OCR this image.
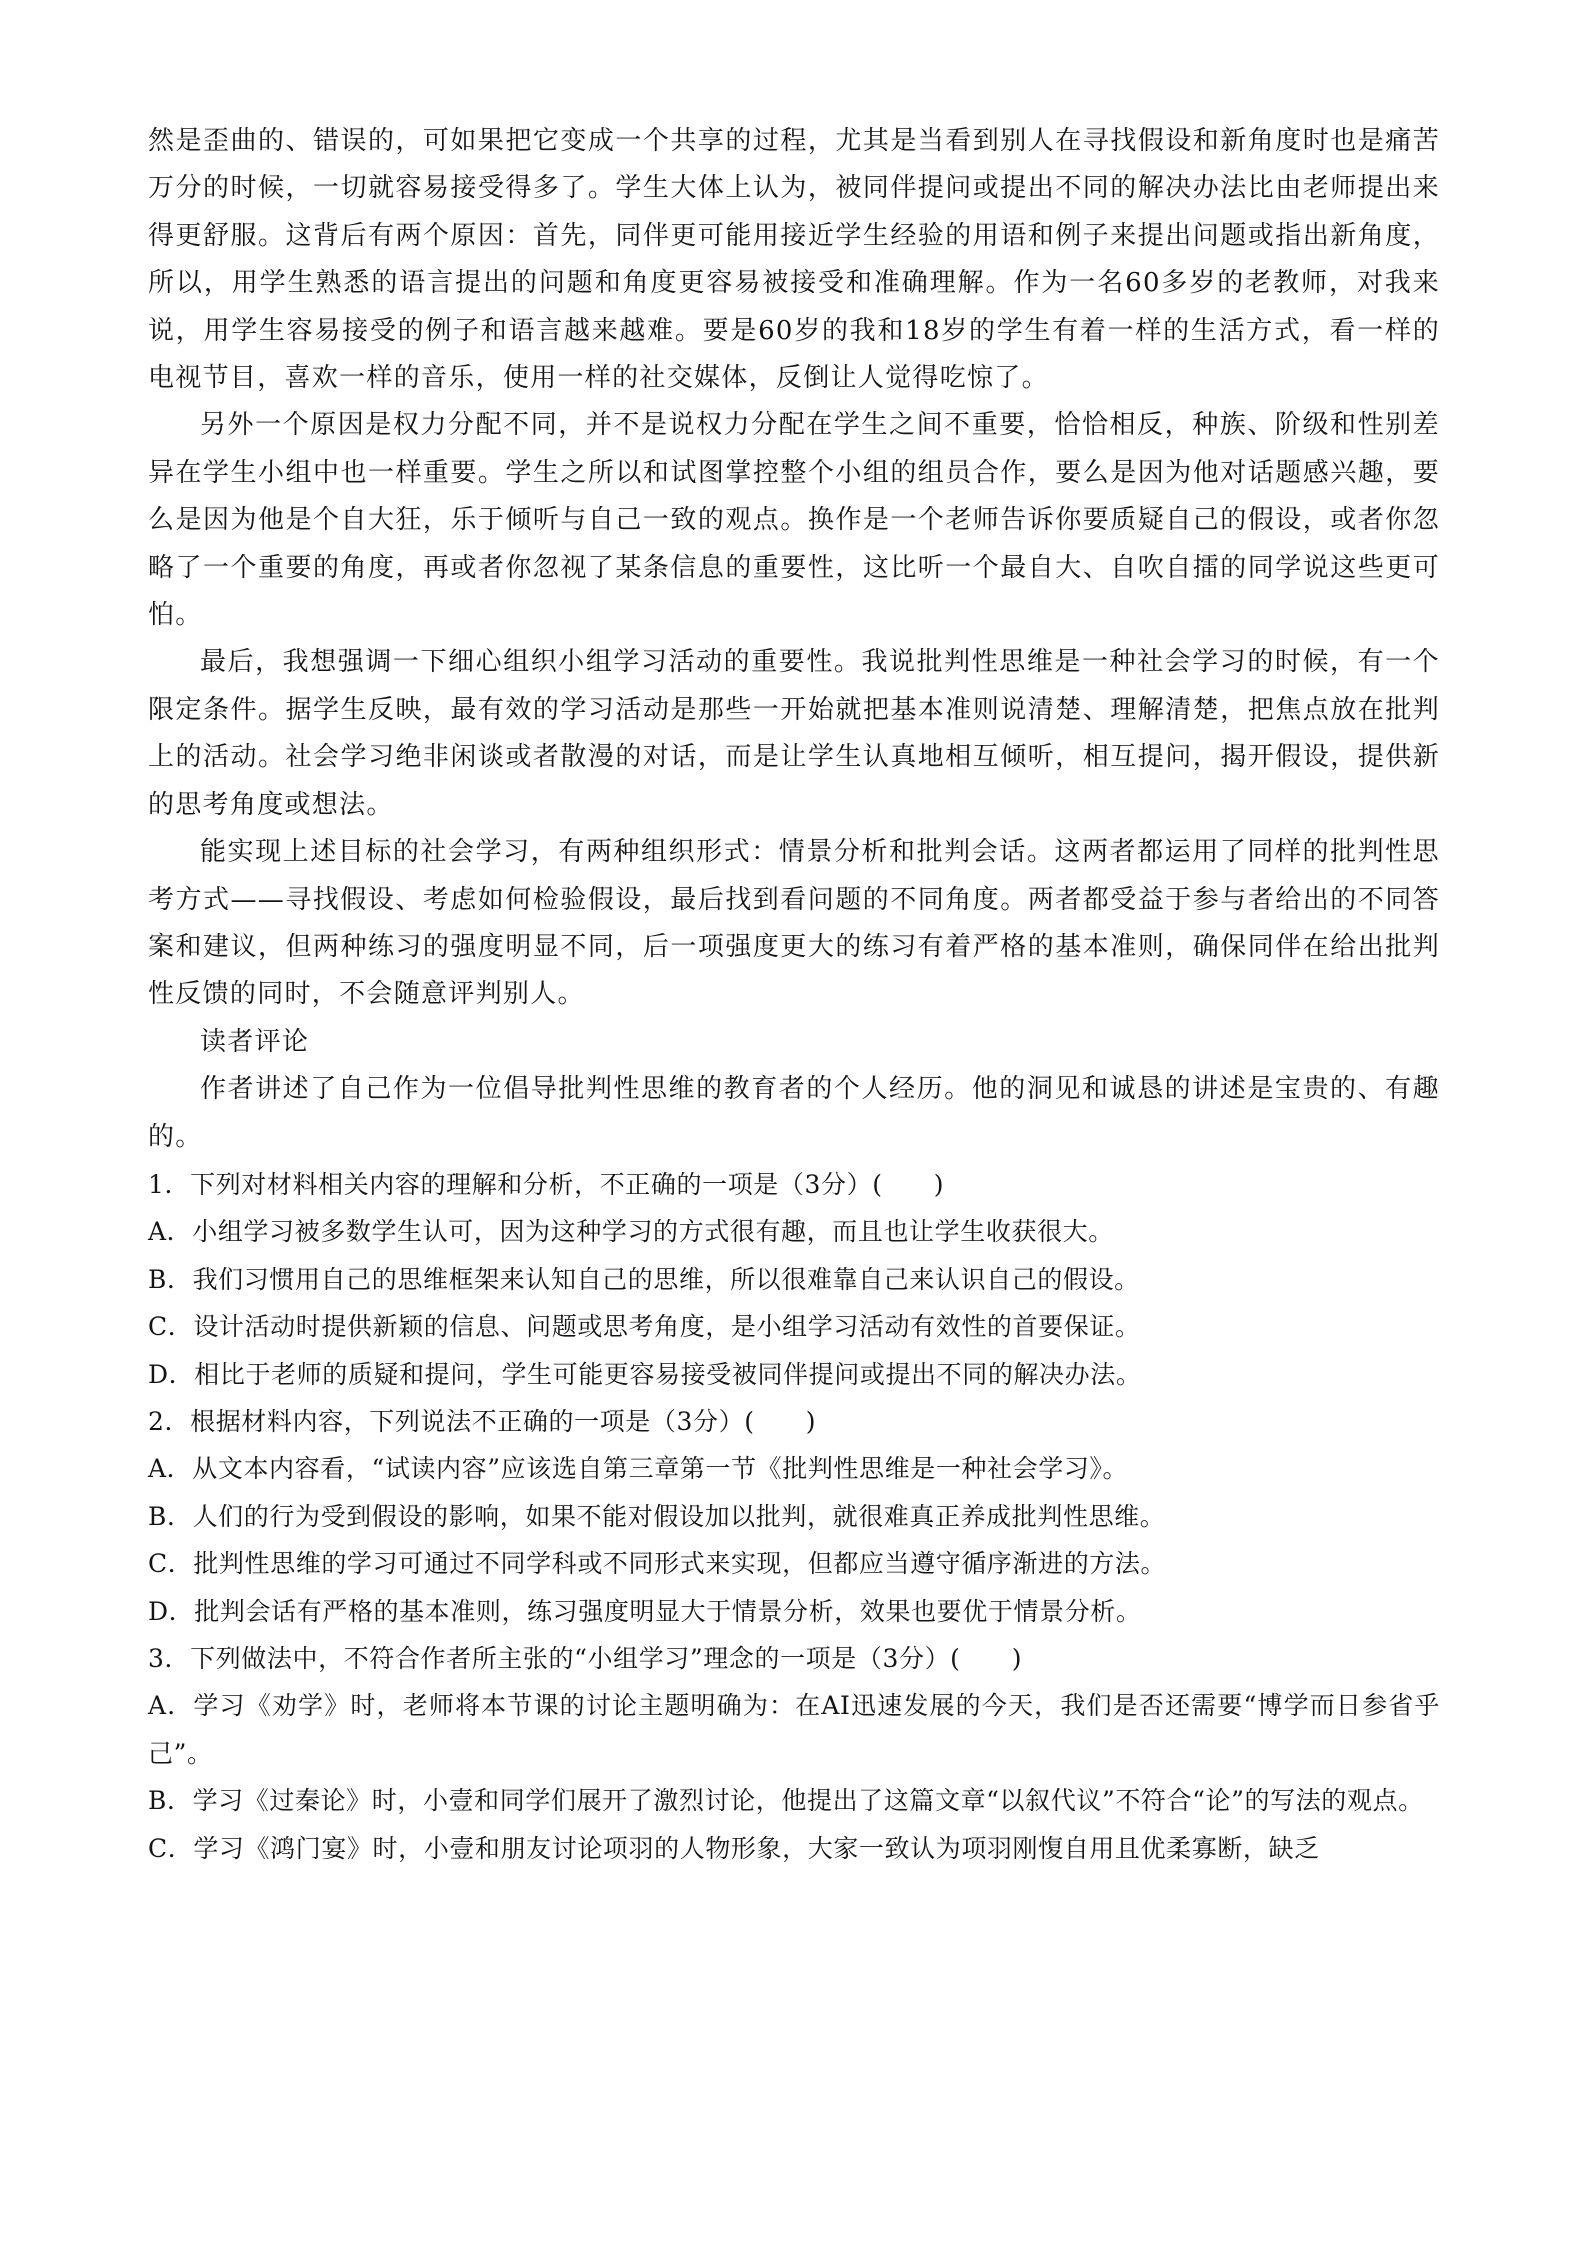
然是歪曲的、错误的，可如果把它变成一个共享的过程，尤其是当看到别人在寻找假设和新角度时也是痛苦万分的时候，一切就容易接受得多了。学生大体上认为，被同伴提问或提出不同的解决办法比由老师提出来得更舒服。这背后有两个原因：首先，同伴更可能用接近学生经验的用语和例子来提出问题或指出新角度，所以，用学生熟悉的语言提出的问题和角度更容易被接受和准确理解。作为一名60多岁的老教师，对我来说，用学生容易接受的例子和语言越来越难。要是60岁的我和18岁的学生有着一样的生活方式，看一样的电视节目，喜欢一样的音乐，使用一样的社交媒体，反倒让人觉得吃惊了。

另外一个原因是权力分配不同，并不是说权力分配在学生之间不重要，恰恰相反，种族、阶级和性别差异在学生小组中也一样重要。学生之所以和试图掌控整个小组的组员合作，要么是因为他对话题感兴趣，要么是因为他是个自大狂，乐于倾听与自己一致的观点。换作是一个老师告诉你要质疑自己的假设，或者你忽略了一个重要的角度，再或者你忽视了某条信息的重要性，这比听一个最自大、自吹自擂的同学说这些更可怕。

最后，我想强调一下细心组织小组学习活动的重要性。我说批判性思维是一种社会学习的时候，有一个限定条件。据学生反映，最有效的学习活动是那些一开始就把基本准则说清楚、理解清楚，把焦点放在批判上的活动。社会学习绝非闲谈或者散漫的对话，而是让学生认真地相互倾听，相互提问，揭开假设，提供新的思考角度或想法。

能实现上述目标的社会学习，有两种组织形式：情景分析和批判会话。这两者都运用了同样的批判性思考方式——寻找假设、考虑如何检验假设，最后找到看问题的不同角度。两者都受益于参与者给出的不同答案和建议，但两种练习的强度明显不同，后一项强度更大的练习有着严格的基本准则，确保同伴在给出批判性反馈的同时，不会随意评判别人。

读者评论

作者讲述了自己作为一位倡导批判性思维的教育者的个人经历。他的洞见和诚恳的讲述是宝贵的、有趣的。

1．下列对材料相关内容的理解和分析，不正确的一项是（3分）(　　)

A．小组学习被多数学生认可，因为这种学习的方式很有趣，而且也让学生收获很大。

B．我们习惯用自己的思维框架来认知自己的思维，所以很难靠自己来认识自己的假设。

C．设计活动时提供新颖的信息、问题或思考角度，是小组学习活动有效性的首要保证。

D．相比于老师的质疑和提问，学生可能更容易接受被同伴提问或提出不同的解决办法。

2．根据材料内容，下列说法不正确的一项是（3分）(　　)

A．从文本内容看，“试读内容”应该选自第三章第一节《批判性思维是一种社会学习》。

B．人们的行为受到假设的影响，如果不能对假设加以批判，就很难真正养成批判性思维。

C．批判性思维的学习可通过不同学科或不同形式来实现，但都应当遵守循序渐进的方法。

D．批判会话有严格的基本准则，练习强度明显大于情景分析，效果也要优于情景分析。

3．下列做法中，不符合作者所主张的“小组学习”理念的一项是（3分）(　　)

A．学习《劝学》时，老师将本节课的讨论主题明确为：在AI迅速发展的今天，我们是否还需要“博学而日参省乎己”。

B．学习《过秦论》时，小壹和同学们展开了激烈讨论，他提出了这篇文章“以叙代议”不符合“论”的写法的观点。

C．学习《鸿门宴》时，小壹和朋友讨论项羽的人物形象，大家一致认为项羽刚愎自用且优柔寡断，缺乏
